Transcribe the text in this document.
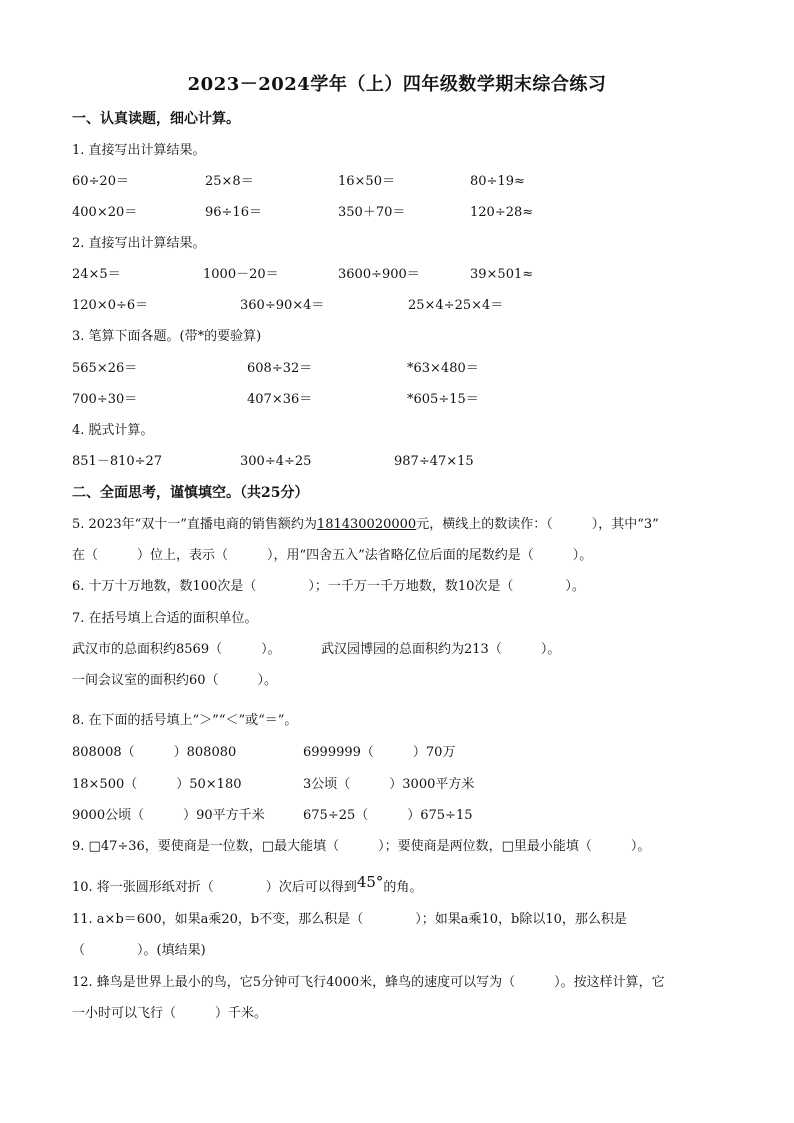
2023－2024学年（上）四年级数学期末综合练习
一、认真读题，细心计算。
1. 直接写出计算结果。
60÷20＝	25×8＝	16×50＝	80÷19≈
400×20＝	96÷16＝	350＋70＝	120÷28≈
2. 直接写出计算结果。
24×5＝	1000－20＝	3600÷900＝	39×501≈
120×0÷6＝	360÷90×4＝	25×4÷25×4＝
3. 笔算下面各题。(带*的要验算)
565×26＝	608÷32＝	*63×480＝
700÷30＝	407×36＝	*605÷15＝
4. 脱式计算。
851－810÷27	300÷4÷25	987÷47×15
二、全面思考，谨慎填空。（共25分）
5. 2023年“双十一”直播电商的销售额约为181430020000元，横线上的数读作：（　　　），其中“3”
在（　　　）位上，表示（　　　），用“四舍五入”法省略亿位后面的尾数约是（　　　）。
6. 十万十万地数，数100次是（　　　　）；一千万一千万地数，数10次是（　　　　）。
7. 在括号填上合适的面积单位。
武汉市的总面积约8569（　　　）。	武汉园博园的总面积约为213（　　　）。
一间会议室的面积约60（　　　）。
8. 在下面的括号填上“＞”“＜”或“＝”。
808008（　　　）808080	6999999（　　　）70万
18×500（　　　）50×180	3公顷（　　　）3000平方米
9000公顷（　　　）90平方千米	675÷25（　　　）675÷15
9. □47÷36，要使商是一位数，□最大能填（　　　）；要使商是两位数，□里最小能填（　　　）。
10. 将一张圆形纸对折（　　　　）次后可以得到45°的角。
11. a×b＝600，如果a乘20，b不变，那么积是（　　　　）；如果a乘10，b除以10，那么积是
（　　　　）。(填结果)
12. 蜂鸟是世界上最小的鸟，它5分钟可飞行4000米，蜂鸟的速度可以写为（　　　）。按这样计算，它
一小时可以飞行（　　　）千米。
